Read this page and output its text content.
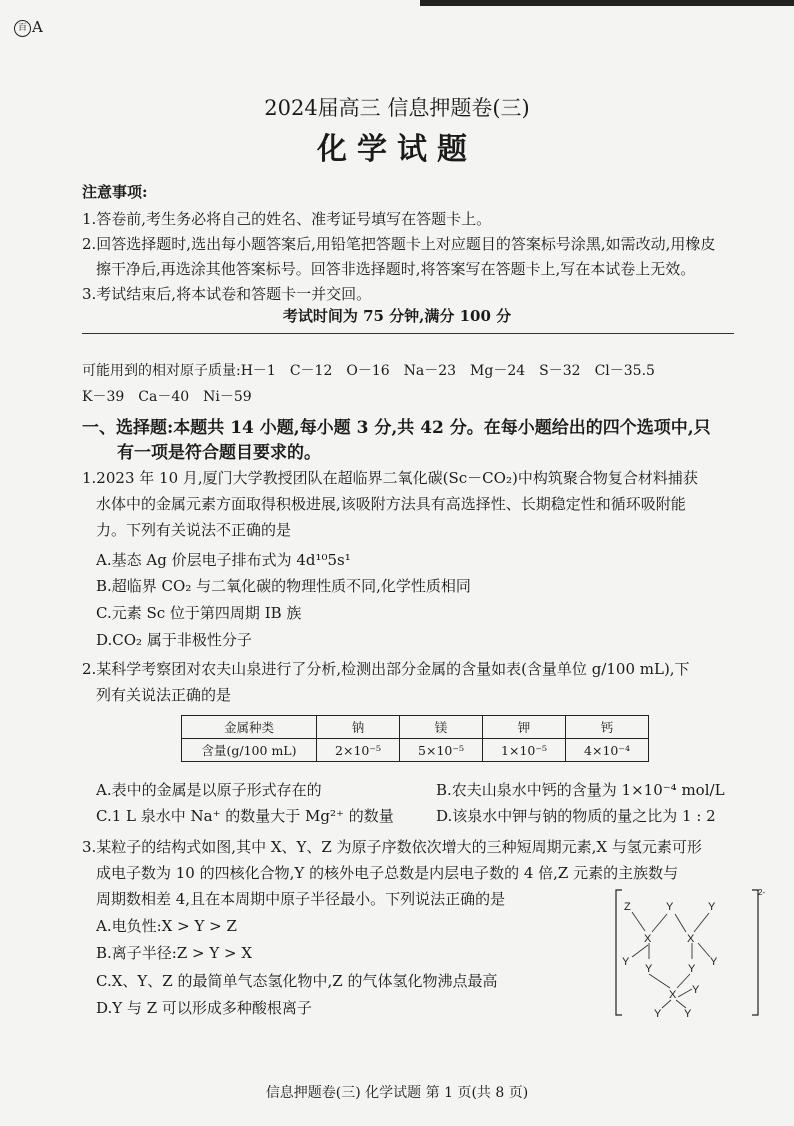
百 A
2024届高三 信息押题卷(三)
化学试题
注意事项:
1.答卷前,考生务必将自己的姓名、准考证号填写在答题卡上。
2.回答选择题时,选出每小题答案后,用铅笔把答题卡上对应题目的答案标号涂黑,如需改动,用橡皮
擦干净后,再选涂其他答案标号。回答非选择题时,将答案写在答题卡上,写在本试卷上无效。
3.考试结束后,将本试卷和答题卡一并交回。
考试时间为 75 分钟,满分 100 分
可能用到的相对原子质量:H－1　C－12　O－16　Na－23　Mg－24　S－32　Cl－35.5
K－39　Ca－40　Ni－59
一、选择题:本题共 14 小题,每小题 3 分,共 42 分。在每小题给出的四个选项中,只
有一项是符合题目要求的。
1.2023 年 10 月,厦门大学教授团队在超临界二氧化碳(Sc－CO₂)中构筑聚合物复合材料捕获
水体中的金属元素方面取得积极进展,该吸附方法具有高选择性、长期稳定性和循环吸附能
力。下列有关说法不正确的是
A.基态 Ag 价层电子排布式为 4d¹⁰5s¹
B.超临界 CO₂ 与二氧化碳的物理性质不同,化学性质相同
C.元素 Sc 位于第四周期 IB 族
D.CO₂ 属于非极性分子
2.某科学考察团对农夫山泉进行了分析,检测出部分金属的含量如表(含量单位 g/100 mL),下
列有关说法正确的是
金属种类	钠	镁	钾	钙
含量(g/100 mL)	2×10⁻⁵	5×10⁻⁵	1×10⁻⁵	4×10⁻⁴
A.表中的金属是以原子形式存在的	B.农夫山泉水中钙的含量为 1×10⁻⁴ mol/L
C.1 L 泉水中 Na⁺ 的数量大于 Mg²⁺ 的数量	D.该泉水中钾与钠的物质的量之比为 1 : 2
3.某粒子的结构式如图,其中 X、Y、Z 为原子序数依次增大的三种短周期元素,X 与氢元素可形
成电子数为 10 的四核化合物,Y 的核外电子总数是内层电子数的 4 倍,Z 元素的主族数与
周期数相差 4,且在本周期中原子半径最小。下列说法正确的是
A.电负性:X > Y > Z
B.离子半径:Z > Y > X
C.X、Y、Z 的最简单气态氢化物中,Z 的气体氢化物沸点最高
D.Y 与 Z 可以形成多种酸根离子
Z
X
Y
X
Y
Y
Y	Y
Y
X Y
Y Y
2-
信息押题卷(三) 化学试题 第 1 页(共 8 页)
